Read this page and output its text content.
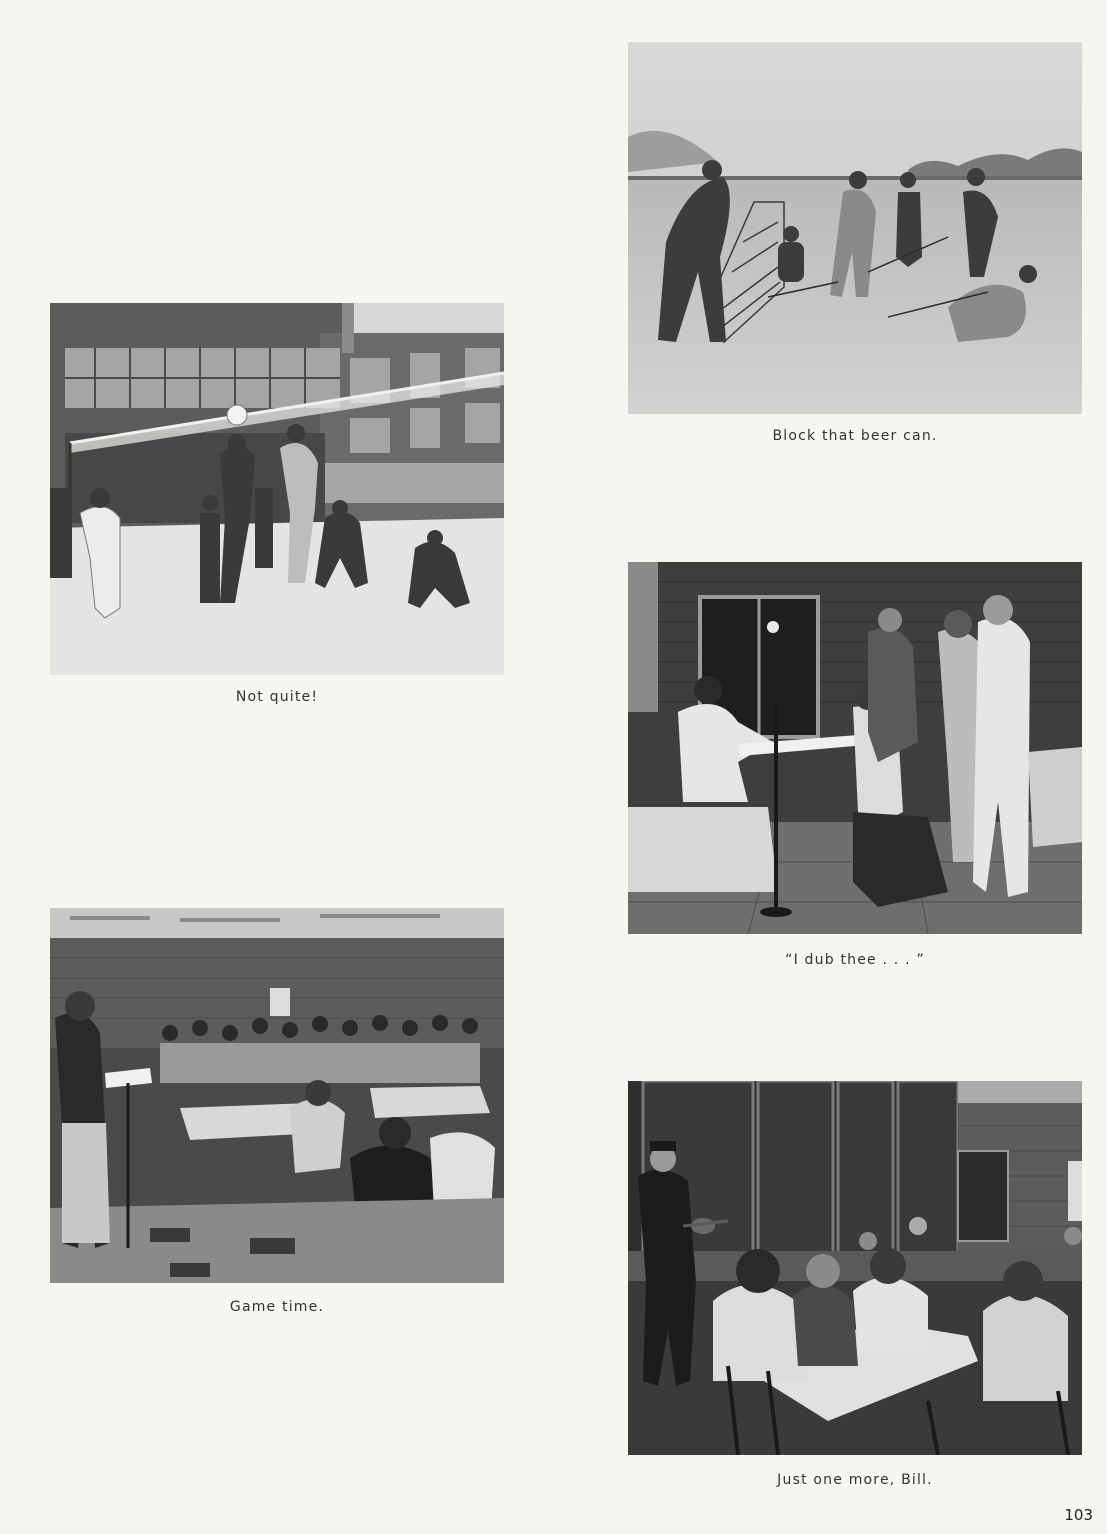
Block that beer can.
Not quite!
“I dub thee . . . ”
Game time.
Just one more, Bill.
103
